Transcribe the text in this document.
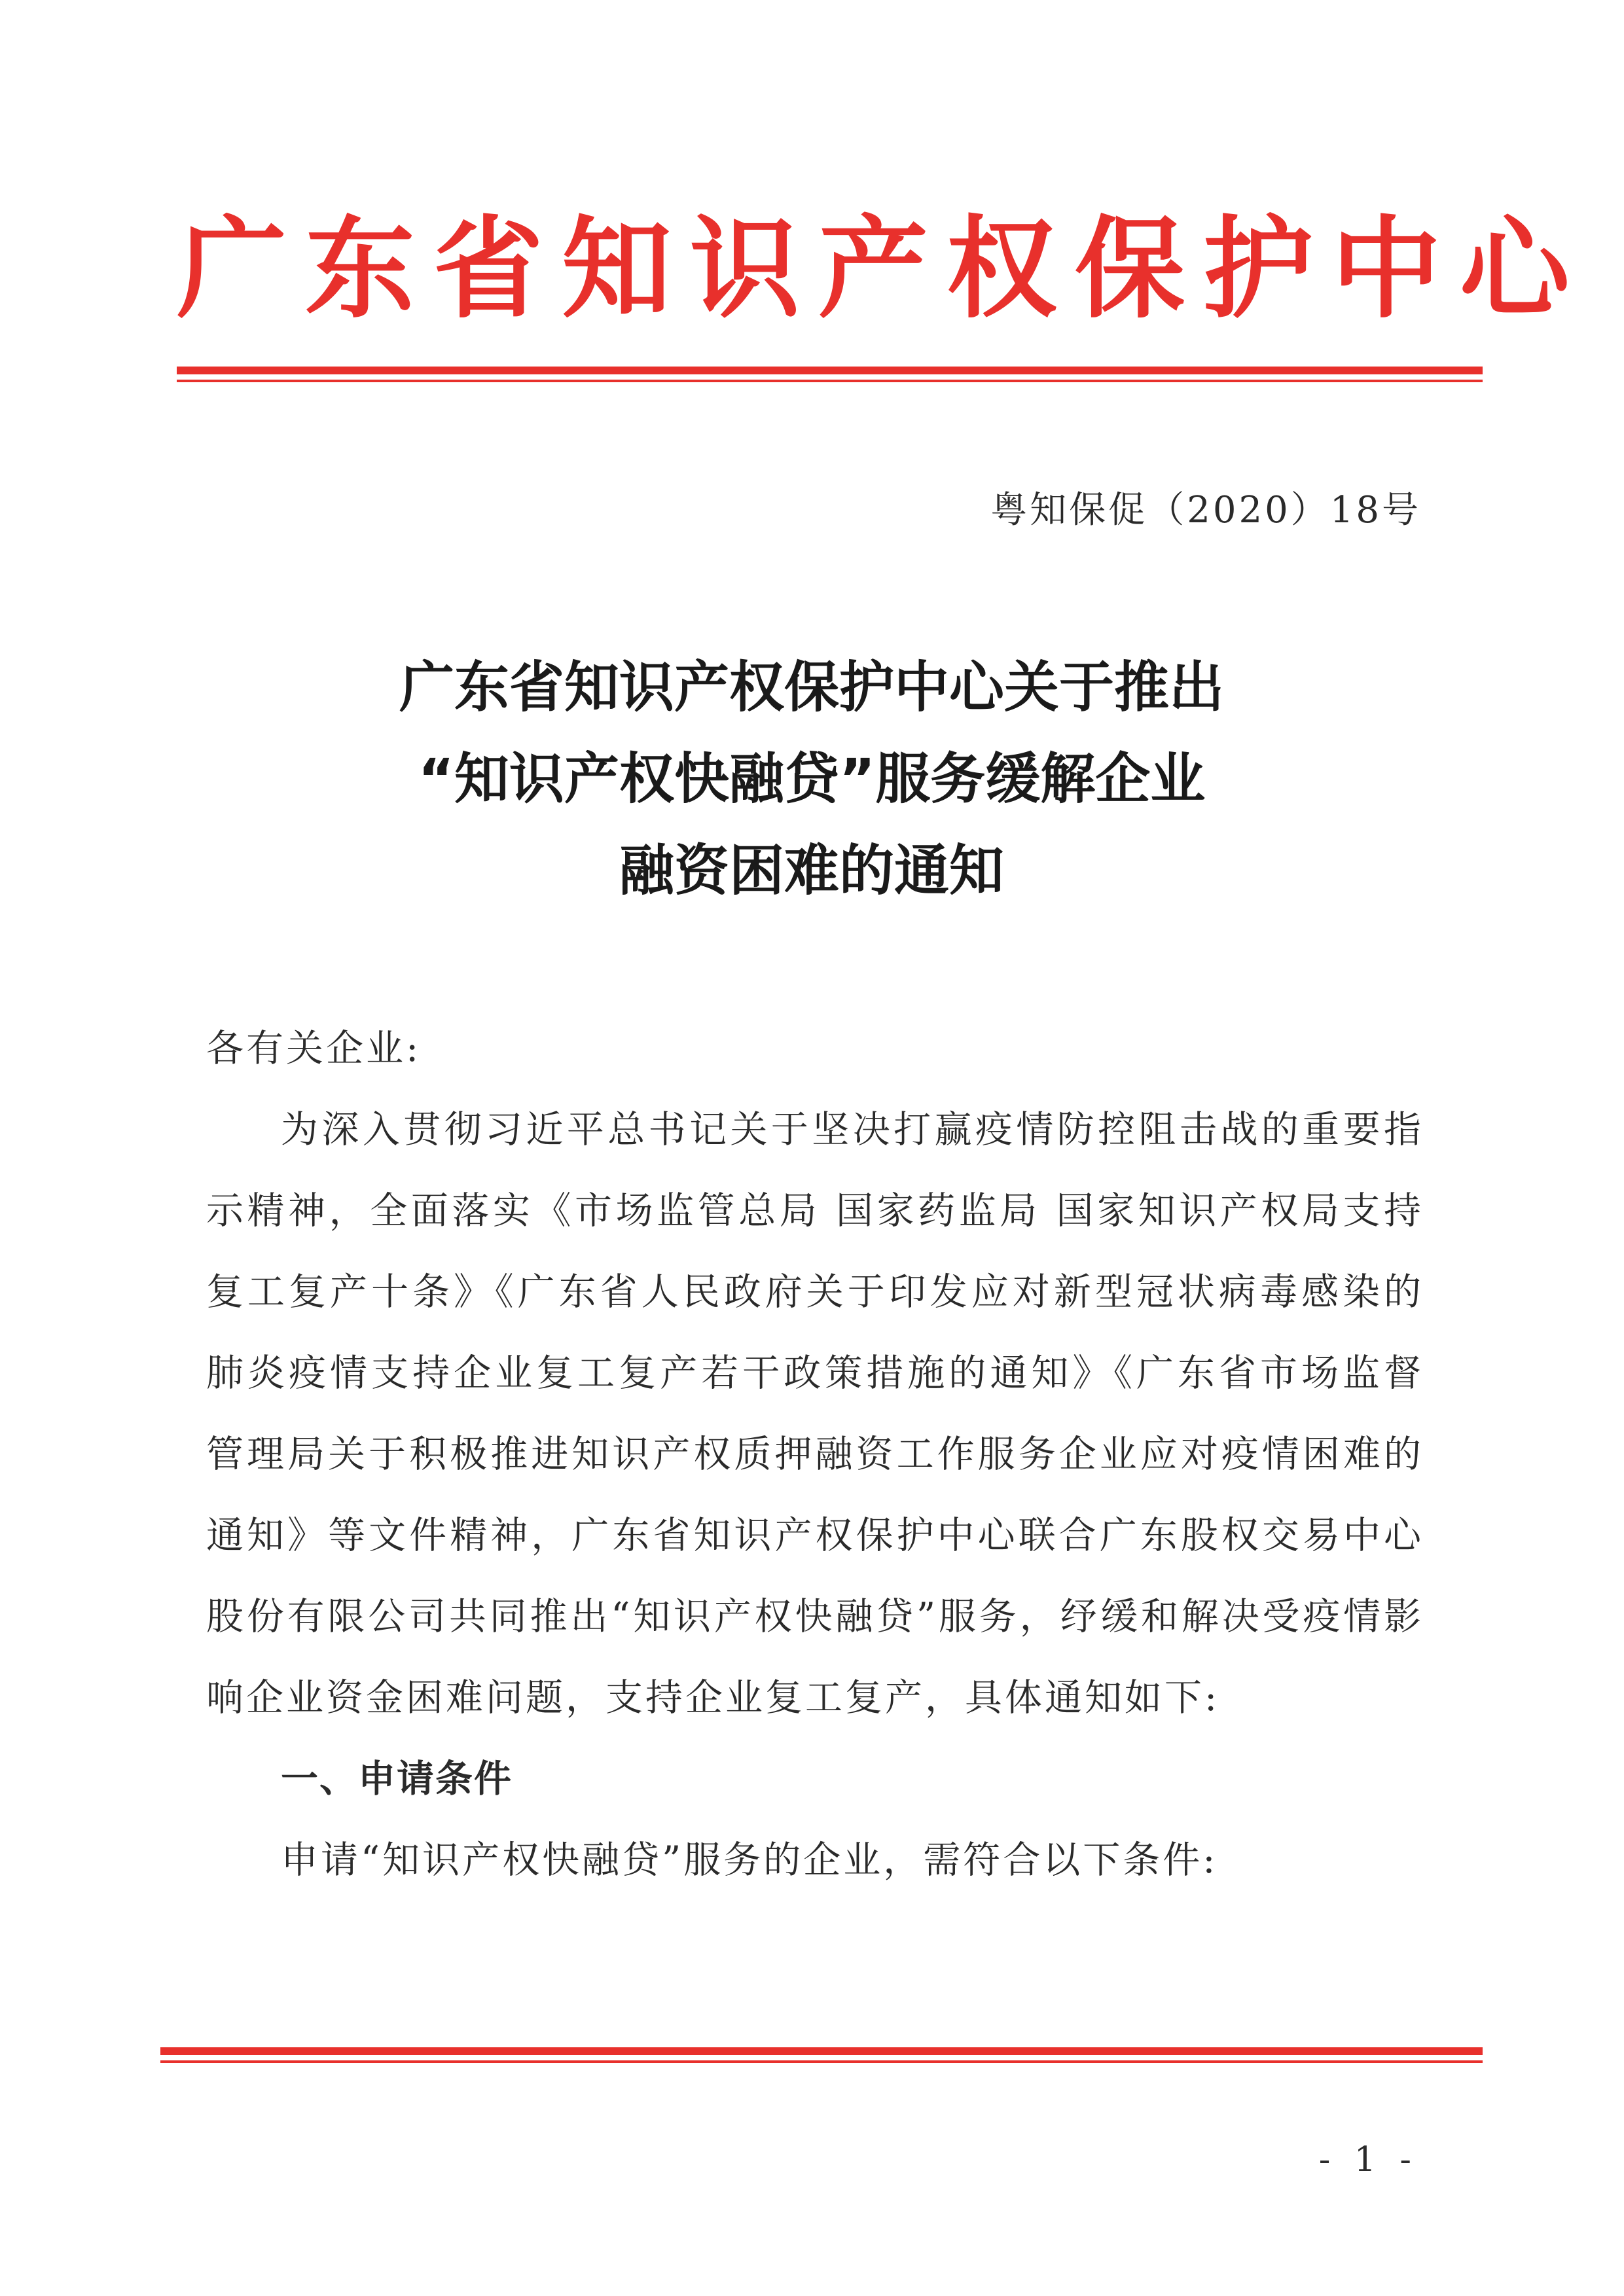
广东省知识产权保护中心
粤知保促（2020）18号
广东省知识产权保护中心关于推出
“知识产权快融贷”服务缓解企业
融资困难的通知

各有关企业:

为深入贯彻习近平总书记关于坚决打赢疫情防控阻击战的重要指示精神，全面落实《市场监管总局 国家药监局 国家知识产权局支持复工复产十条》《广东省人民政府关于印发应对新型冠状病毒感染的肺炎疫情支持企业复工复产若干政策措施的通知》《广东省市场监督管理局关于积极推进知识产权质押融资工作服务企业应对疫情困难的通知》等文件精神，广东省知识产权保护中心联合广东股权交易中心股份有限公司共同推出“知识产权快融贷”服务，纾缓和解决受疫情影响企业资金困难问题，支持企业复工复产，具体通知如下:

一、申请条件

申请“知识产权快融贷”服务的企业，需符合以下条件:

- 1 -
